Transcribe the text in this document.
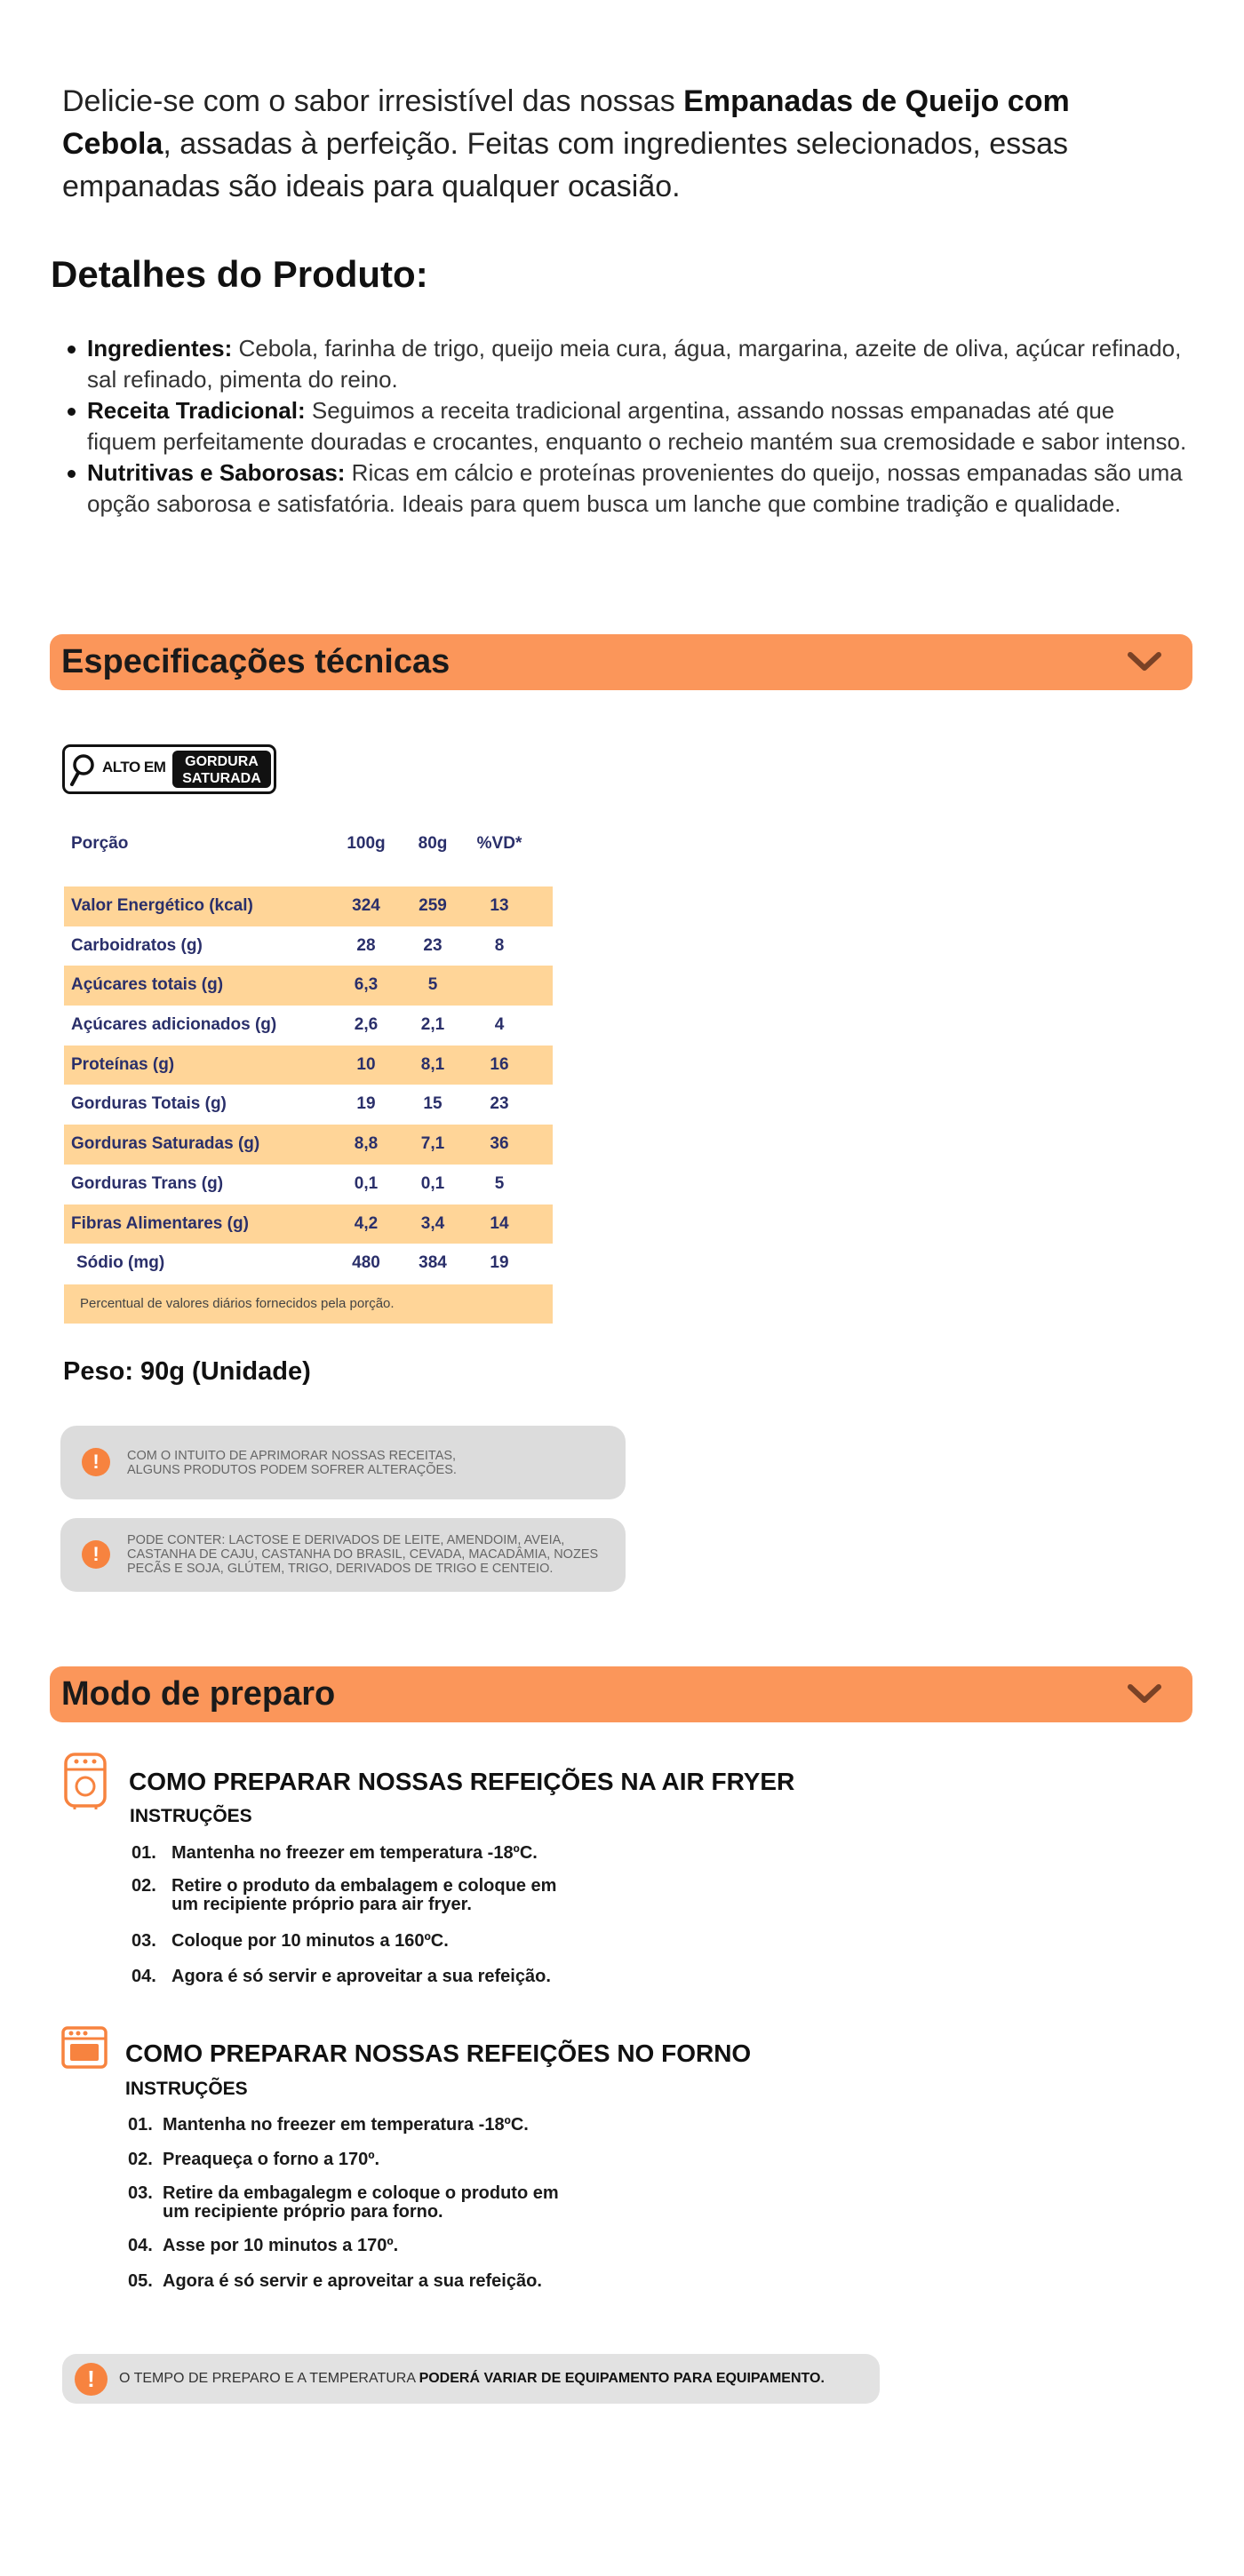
Delicie-se com o sabor irresistível das nossas Empanadas de Queijo com Cebola, assadas à perfeição. Feitas com ingredientes selecionados, essas empanadas são ideais para qualquer ocasião.

Detalhes do Produto:
Ingredientes: Cebola, farinha de trigo, queijo meia cura, água, margarina, azeite de oliva, açúcar refinado, sal refinado, pimenta do reino.
Receita Tradicional: Seguimos a receita tradicional argentina, assando nossas empanadas até que fiquem perfeitamente douradas e crocantes, enquanto o recheio mantém sua cremosidade e sabor intenso.
Nutritivas e Saborosas: Ricas em cálcio e proteínas provenientes do queijo, nossas empanadas são uma opção saborosa e satisfatória. Ideais para quem busca um lanche que combine tradição e qualidade.
Especificações técnicas
ALTO EM	GORDURA
SATURADA
Porção	100g	80g	%VD*
Valor Energético (kcal)	324	259	13
Carboidratos (g)	28	23	8
Açúcares totais (g)	6,3	5
Açúcares adicionados (g)	2,6	2,1	4
Proteínas (g)	10	8,1	16
Gorduras Totais (g)	19	15	23
Gorduras Saturadas (g)	8,8	7,1	36
Gorduras Trans (g)	0,1	0,1	5
Fibras Alimentares (g)	4,2	3,4	14
Sódio (mg)	480	384	19
Percentual de valores diários fornecidos pela porção.
Peso: 90g (Unidade)
!	COM O INTUITO DE APRIMORAR NOSSAS RECEITAS,
ALGUNS PRODUTOS PODEM SOFRER ALTERAÇÕES.
!
PODE CONTER: LACTOSE E DERIVADOS DE LEITE, AMENDOIM, AVEIA,
CASTANHA DE CAJU, CASTANHA DO BRASIL, CEVADA, MACADÂMIA, NOZES
PECÃS E SOJA, GLÚTEM, TRIGO, DERIVADOS DE TRIGO E CENTEIO.
Modo de preparo
COMO PREPARAR NOSSAS REFEIÇÕES NA AIR FRYER
INSTRUÇÕES
01. Mantenha no freezer em temperatura -18ºC.
02. Retire o produto da embalagem e coloque em
um recipiente próprio para air fryer.
03. Coloque por 10 minutos a 160ºC.
04. Agora é só servir e aproveitar a sua refeição.
COMO PREPARAR NOSSAS REFEIÇÕES NO FORNO
INSTRUÇÕES
01. Mantenha no freezer em temperatura -18ºC.
02. Preaqueça o forno a 170º.
03. Retire da embagalegm e coloque o produto em
um recipiente próprio para forno.
04. Asse por 10 minutos a 170º.
05. Agora é só servir e aproveitar a sua refeição.
!	O TEMPO DE PREPARO E A TEMPERATURA PODERÁ VARIAR DE EQUIPAMENTO PARA EQUIPAMENTO.
